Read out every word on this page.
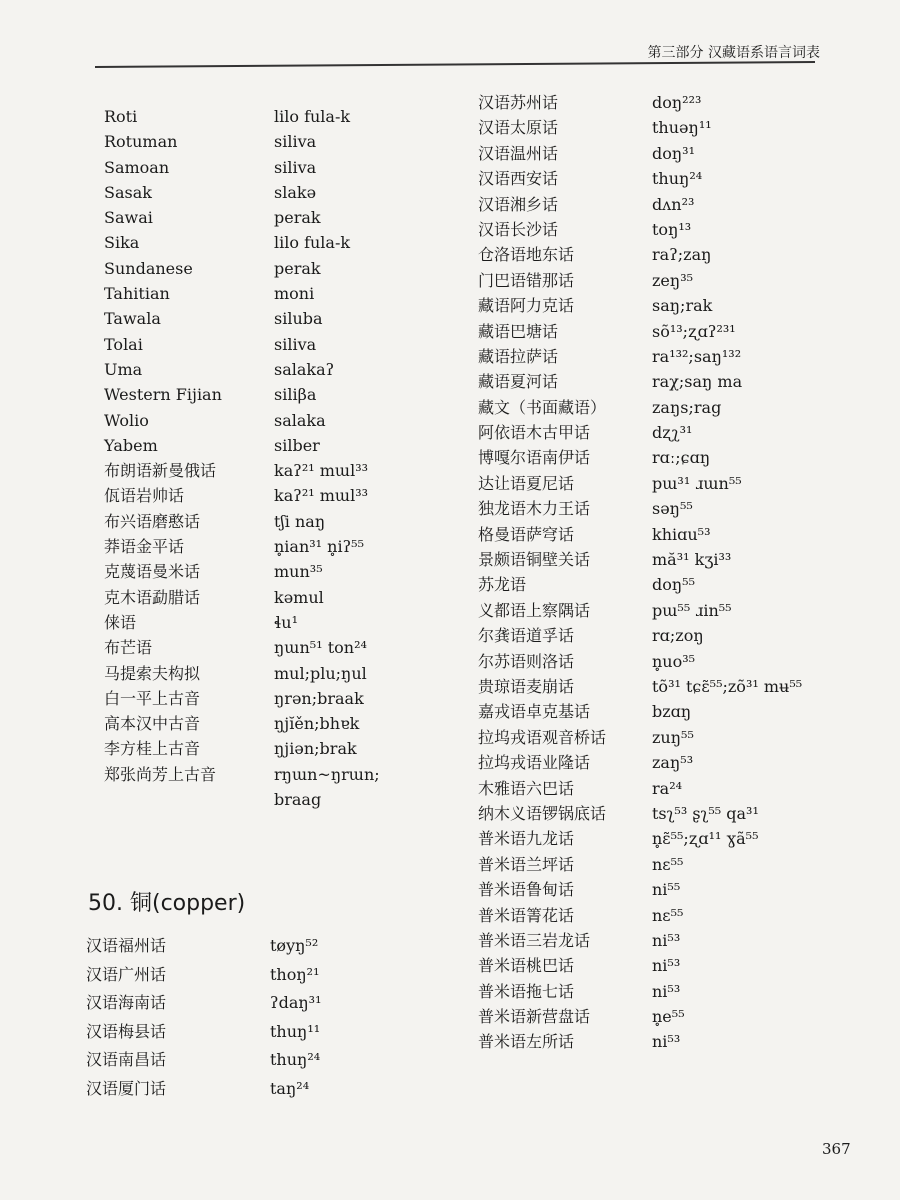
第三部分 汉藏语系语言词表
Roti	lilo fula-k
Rotuman	siliva
Samoan	siliva
Sasak	slakə
Sawai	perak
Sika	lilo fula-k
Sundanese	perak
Tahitian	moni
Tawala	siluba
Tolai	siliva
Uma	salakaʔ
Western Fijian	siliβa
Wolio	salaka
Yabem	silber
布朗语新曼俄话	kaʔ²¹ mɯl³³
佤语岩帅话	kaʔ²¹ mɯl³³
布兴语磨憨话	tʃi naŋ
莽语金平话	n̥ian³¹ n̥iʔ⁵⁵
克蔑语曼米话	mun³⁵
克木语勐腊话	kəmul
俫语	ɬu¹
布芒语	ŋɯn⁵¹ ton²⁴
马提索夫构拟	mul;plu;ŋul
白一平上古音	ŋrən;braak
高本汉中古音	ŋjĭěn;bhɐk
李方桂上古音	ŋjiən;brak
郑张尚芳上古音	rŋɯn~ŋrɯn;
braag
汉语苏州话	doŋ²²³
汉语太原话	thuəŋ¹¹
汉语温州话	doŋ³¹
汉语西安话	thuŋ²⁴
汉语湘乡话	dʌn²³
汉语长沙话	toŋ¹³
仓洛语地东话	raʔ;zaŋ
门巴语错那话	zeŋ³⁵
藏语阿力克话	saŋ;rak
藏语巴塘话	sõ¹³;ʐɑʔ²³¹
藏语拉萨话	ra¹³²;saŋ¹³²
藏语夏河话	raχ;saŋ ma
藏文（书面藏语）	zaŋs;rag
阿依语木古甲话	dʐʅ³¹
博嘎尔语南伊话	rɑː;ɕɑŋ
达让语夏尼话	pɯ³¹ ɹɯn⁵⁵
独龙语木力王话	səŋ⁵⁵
格曼语萨穹话	khiɑu⁵³
景颇语铜壁关话	mă³¹ kʒi³³
苏龙语	doŋ⁵⁵
义都语上察隅话	pɯ⁵⁵ ɹin⁵⁵
尔龚语道孚话	rɑ;zoŋ
尔苏语则洛话	n̥uo³⁵
贵琼语麦崩话	tõ³¹ tɕɛ̃⁵⁵;zõ³¹ mʉ⁵⁵
嘉戎语卓克基话	bzɑŋ
拉坞戎语观音桥话	zuŋ⁵⁵
拉坞戎语业隆话	zaŋ⁵³
木雅语六巴话	ra²⁴
纳木义语锣锅底话	tsʅ⁵³ ʂʅ⁵⁵ qa³¹
普米语九龙话	n̥ɛ̃⁵⁵;ʐɑ¹¹ ɣã⁵⁵
普米语兰坪话	nɛ⁵⁵
普米语鲁甸话	ni⁵⁵
普米语箐花话	nɛ⁵⁵
普米语三岩龙话	ni⁵³
普米语桃巴话	ni⁵³
普米语拖七话	ni⁵³
普米语新营盘话	n̥e⁵⁵
普米语左所话	ni⁵³
50. 铜(copper)
汉语福州话	tøyŋ⁵²
汉语广州话	thoŋ²¹
汉语海南话	ʔdaŋ³¹
汉语梅县话	thuŋ¹¹
汉语南昌话	thuŋ²⁴
汉语厦门话	taŋ²⁴
367
